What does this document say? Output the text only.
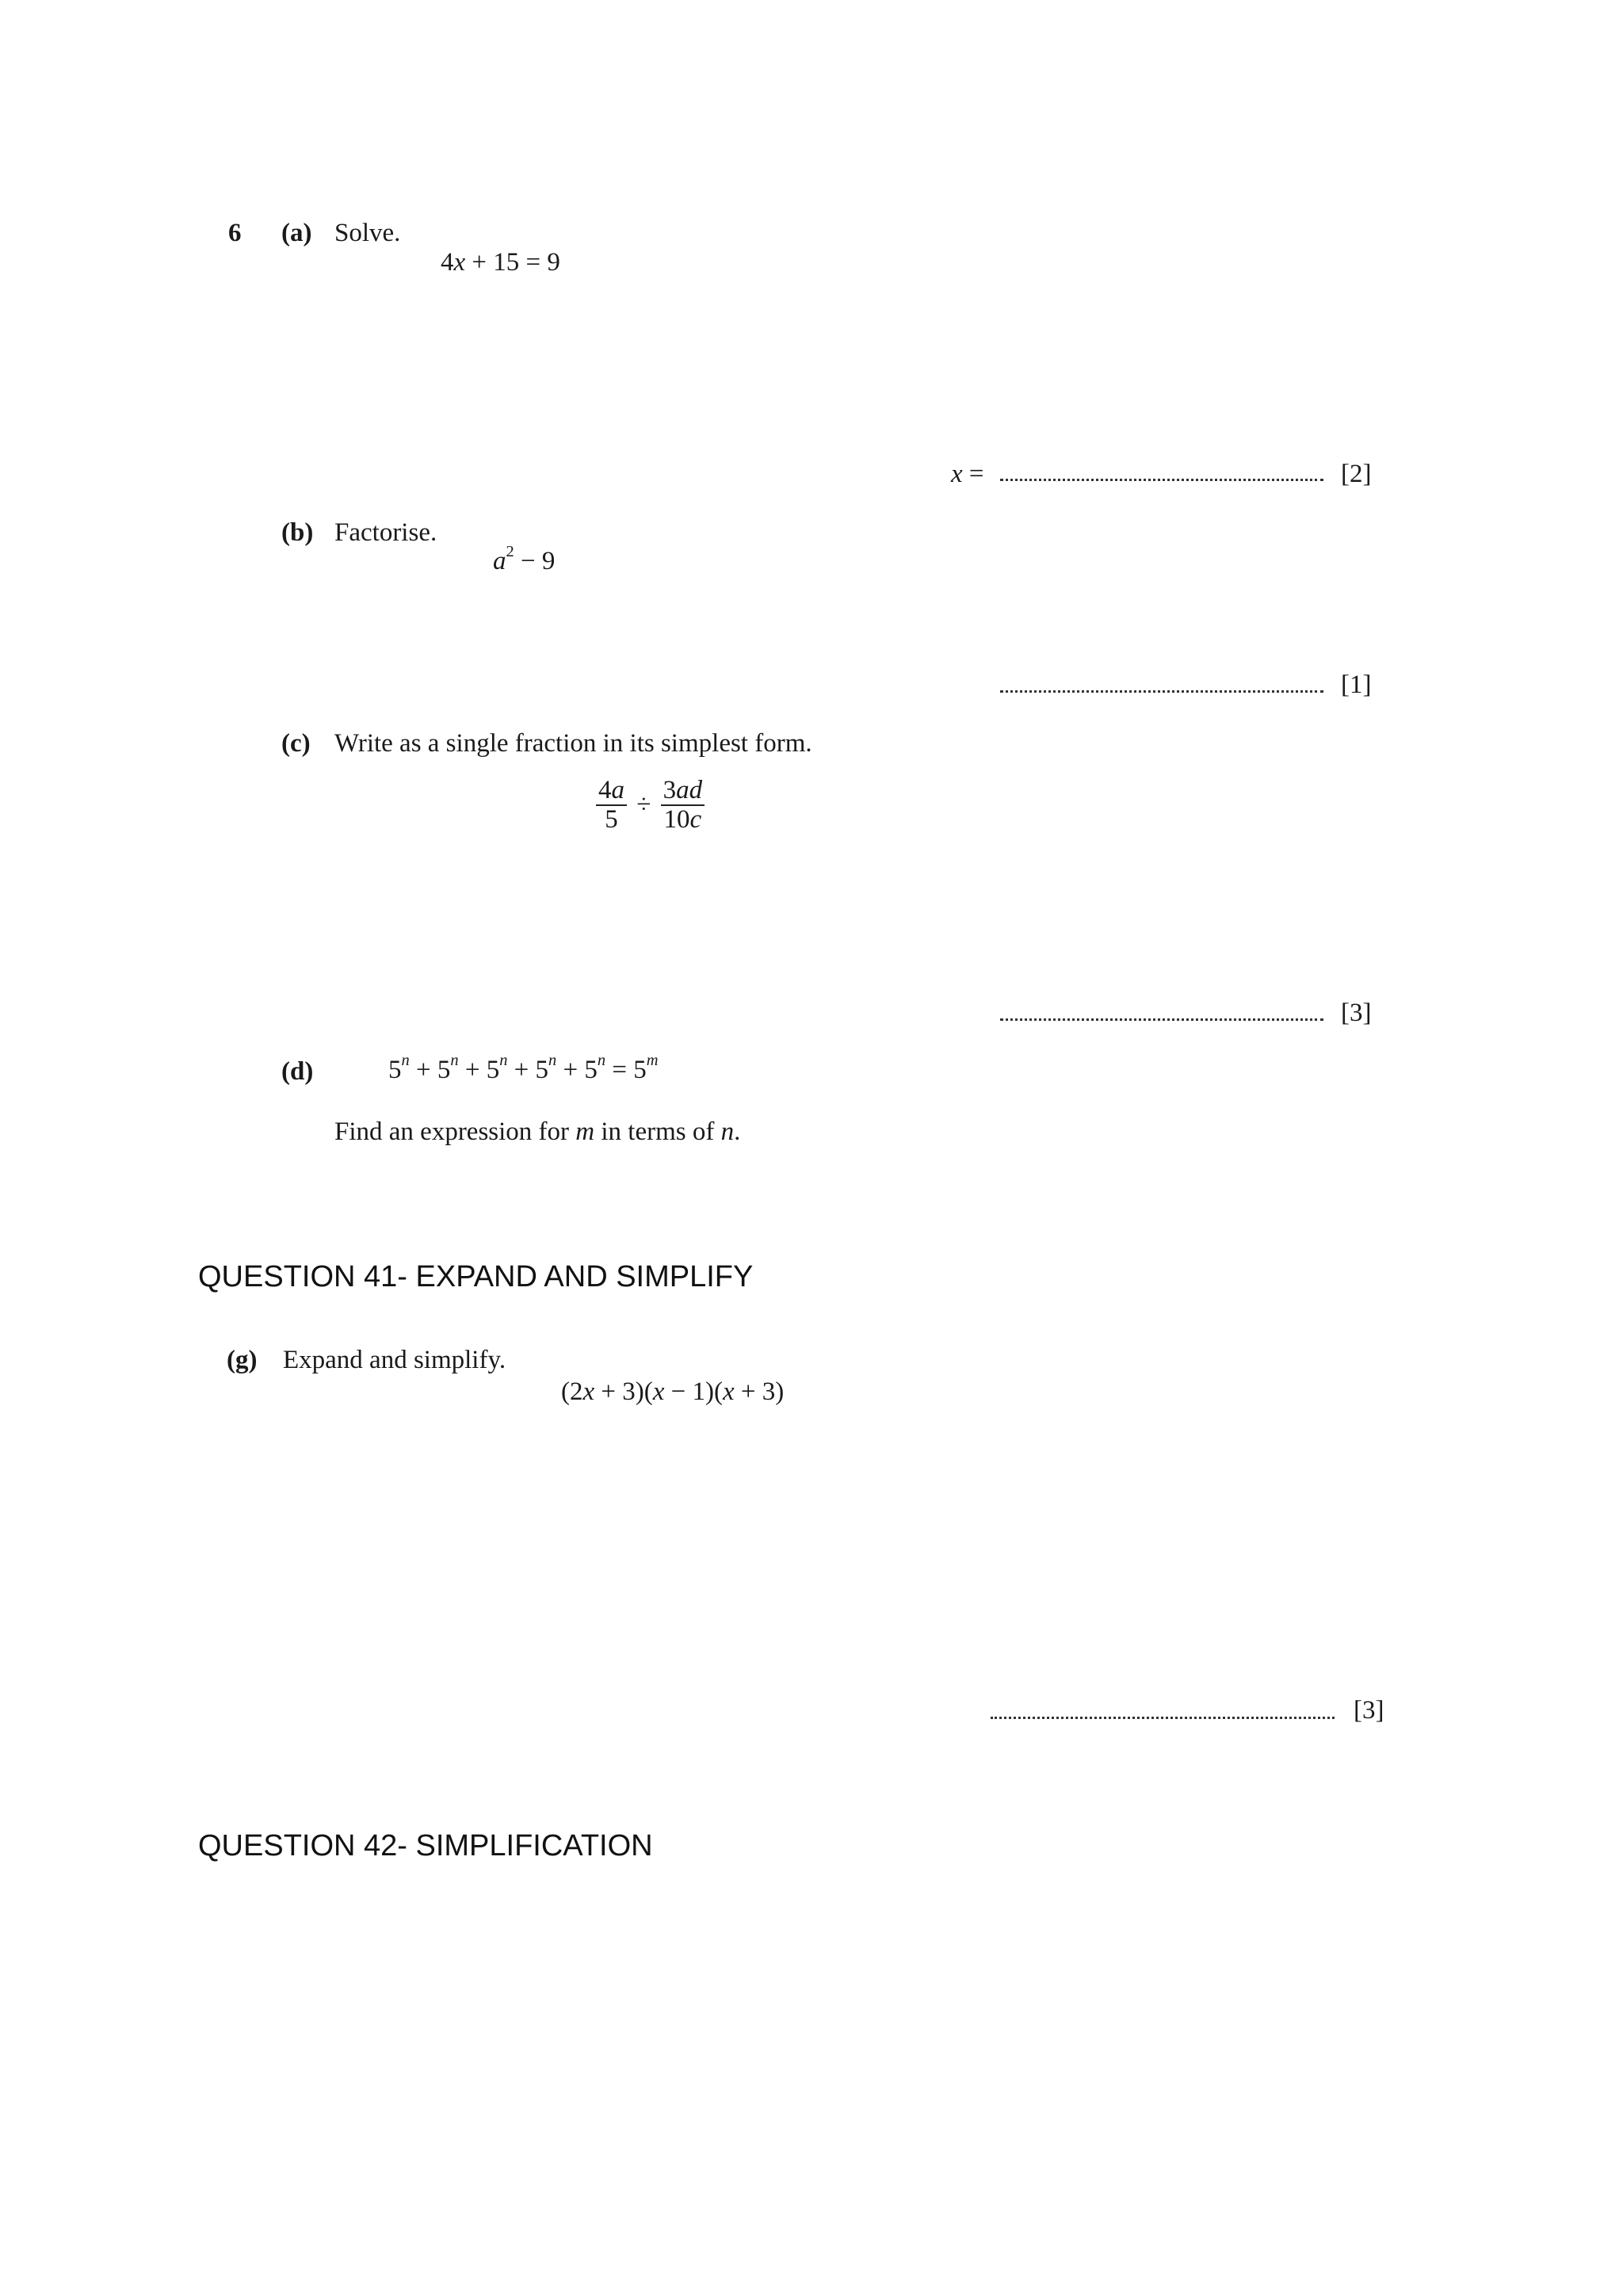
6 (a) Solve.
4x + 15 = 9
x =	[2]
(b) Factorise.
$a^2 - 9$
[1]
(c) Write as a single fraction in its simplest form.
$\frac{4a}{5} \div \frac{3ad}{10c}$
[3]
(d)	$5^n + 5^n + 5^n + 5^n + 5^n = 5^m$
Find an expression for m in terms of n.
QUESTION 41- EXPAND AND SIMPLIFY
(g) Expand and simplify.
(2x + 3)(x − 1)(x + 3)
[3]
QUESTION 42- SIMPLIFICATION
